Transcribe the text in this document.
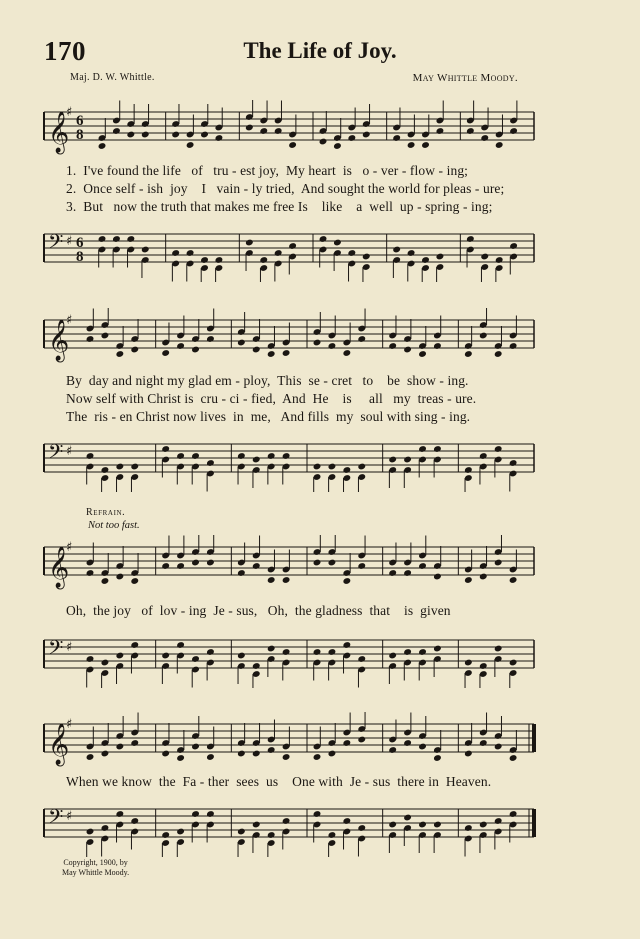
170	The Life of Joy.
Maj. D. W. Whittle.	May Whittle Moody.
𝄞
♯
6
8
1.  I've found the life   of   tru - est joy,  My heart  is   o - ver - flow - ing;
2.  Once self - ish  joy    I   vain - ly tried,  And sought the world for pleas - ure;
3.  But   now the truth that makes me free Is    like    a  well  up - spring - ing;
𝄢 ♯ 6
8
𝄞
♯
By  day and night my glad em - ploy,  This  se - cret   to    be  show - ing.
Now self with Christ is  cru - ci - fied,  And  He    is     all   my  treas - ure.
The  ris - en Christ now lives  in  me,   And fills  my  soul with sing - ing.
𝄢 ♯
Refrain.
Not too fast.
𝄞
♯
Oh,  the joy   of  lov - ing  Je - sus,   Oh,  the gladness  that    is  given
𝄢 ♯
𝄞
♯
When we know  the  Fa - ther  sees  us    One with  Je - sus  there in  Heaven.
𝄢 ♯
Copyright, 1900, by
May Whittle Moody.
